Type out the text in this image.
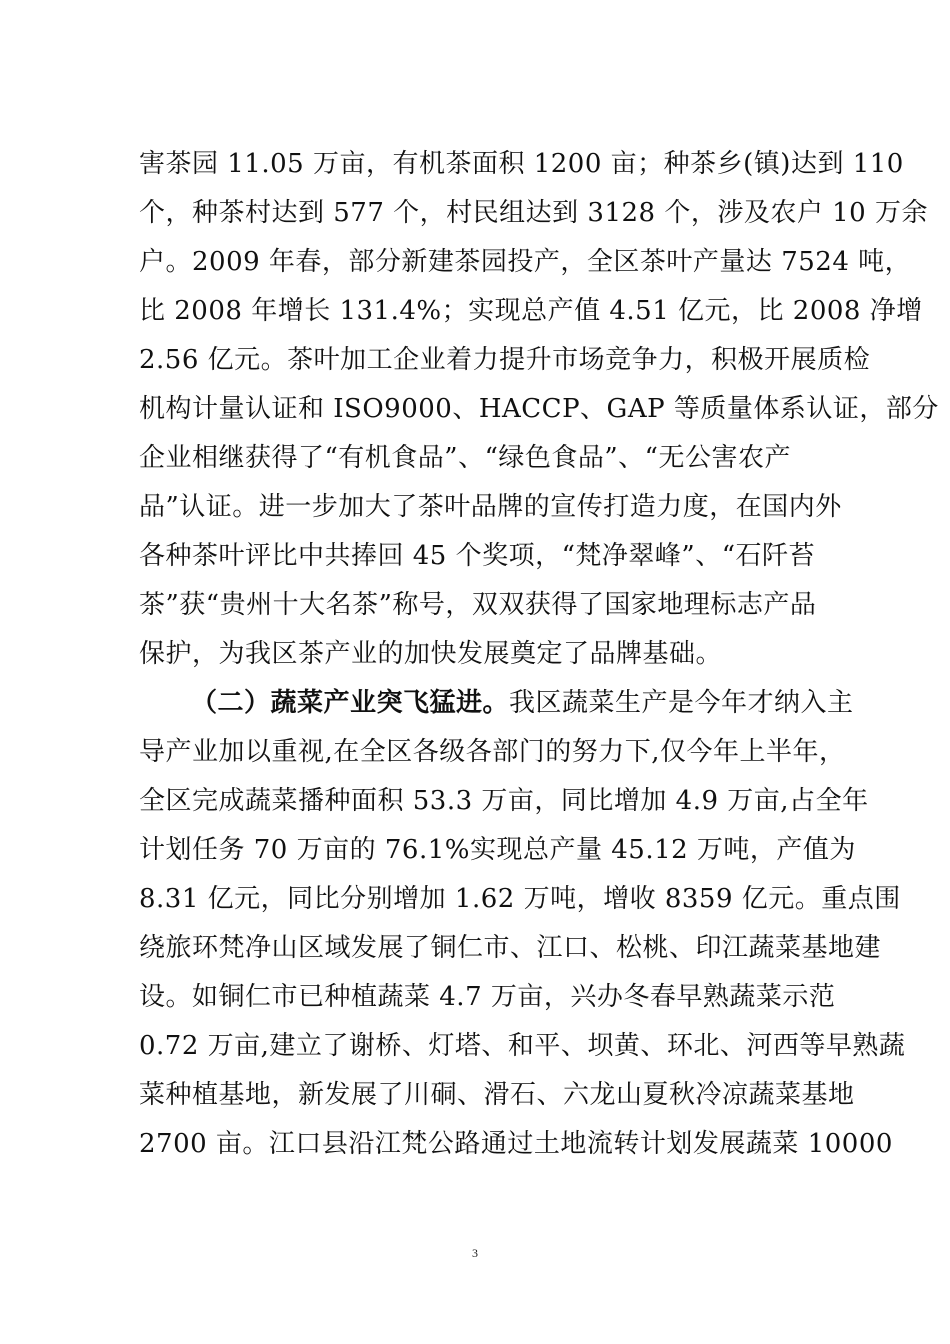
害茶园 11.05 万亩，有机茶面积 1200 亩；种茶乡(镇)达到 110
个，种茶村达到 577 个，村民组达到 3128 个，涉及农户 10 万余
户。2009 年春，部分新建茶园投产，全区茶叶产量达 7524 吨，
比 2008 年增长 131.4%；实现总产值 4.51 亿元，比 2008 净增
2.56 亿元。茶叶加工企业着力提升市场竞争力，积极开展质检
机构计量认证和 ISO9000、HACCP、GAP 等质量体系认证，部分
企业相继获得了“有机食品”、“绿色食品”、“无公害农产
品”认证。进一步加大了茶叶品牌的宣传打造力度，在国内外
各种茶叶评比中共捧回 45 个奖项，“梵净翠峰”、“石阡苔
茶”获“贵州十大名茶”称号，双双获得了国家地理标志产品
保护，为我区茶产业的加快发展奠定了品牌基础。
（二）蔬菜产业突飞猛进。我区蔬菜生产是今年才纳入主
导产业加以重视,在全区各级各部门的努力下,仅今年上半年，
全区完成蔬菜播种面积 53.3 万亩，同比增加 4.9 万亩,占全年
计划任务 70 万亩的 76.1%实现总产量 45.12 万吨，产值为
8.31 亿元，同比分别增加 1.62 万吨，增收 8359 亿元。重点围
绕旅环梵净山区域发展了铜仁市、江口、松桃、印江蔬菜基地建
设。如铜仁市已种植蔬菜 4.7 万亩，兴办冬春早熟蔬菜示范
0.72 万亩,建立了谢桥、灯塔、和平、坝黄、环北、河西等早熟蔬
菜种植基地，新发展了川硐、滑石、六龙山夏秋冷凉蔬菜基地
2700 亩。江口县沿江梵公路通过土地流转计划发展蔬菜 10000
3
